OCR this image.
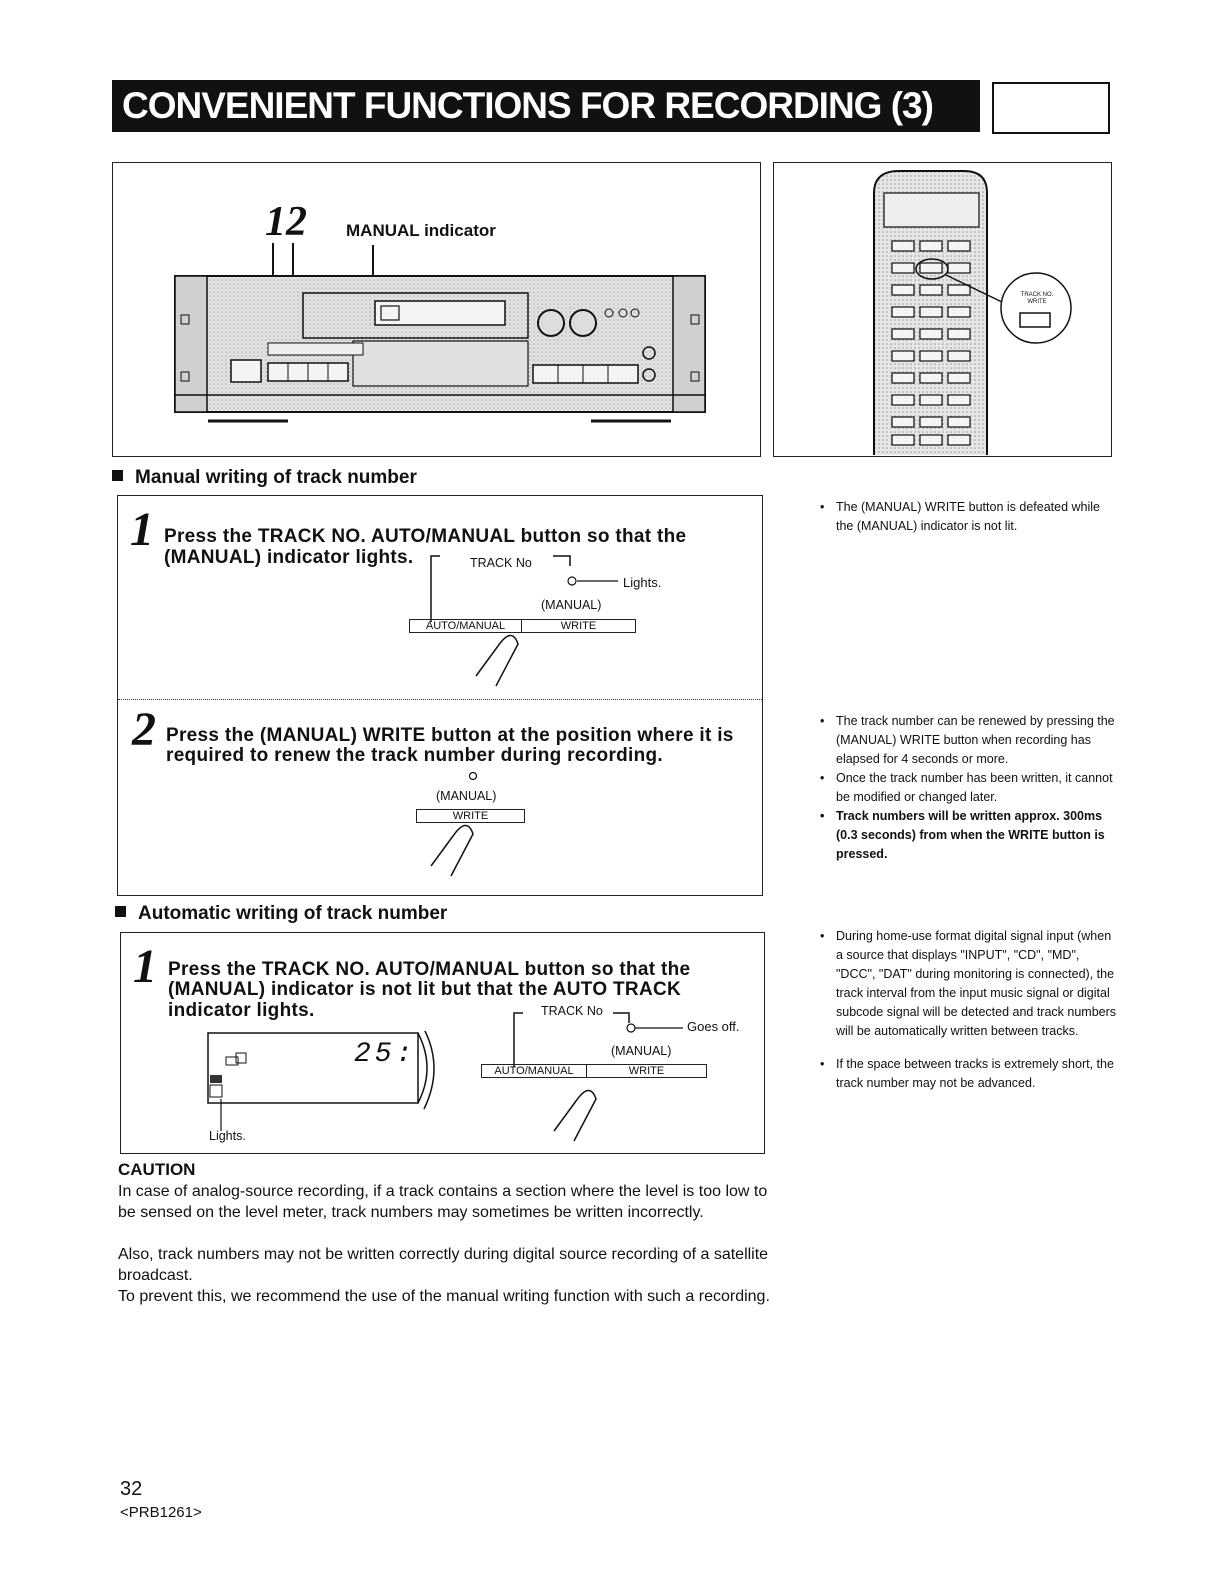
CONVENIENT FUNCTIONS FOR RECORDING (3)
12 MANUAL indicator
TRACK NO.
WRITE
Manual writing of track number
1 Press the TRACK NO. AUTO/MANUAL button so that the
(MANUAL) indicator lights.	TRACK No
Lights.
(MANUAL)
AUTO/MANUAL	WRITE
2 Press the (MANUAL) WRITE button at the position where it is
required to renew the track number during recording.
(MANUAL)
WRITE
Automatic writing of track number
1 Press the TRACK NO. AUTO/MANUAL button so that the
(MANUAL) indicator is not lit but that the AUTO TRACK
indicator lights.
25:
Lights.
TRACK No
Goes off.
(MANUAL)
AUTO/MANUAL	WRITE
CAUTION
In case of analog-source recording, if a track contains a section where the level is too low to be sensed on the level meter, track numbers may sometimes be written incorrectly.
Also, track numbers may not be written correctly during digital source recording of a satellite broadcast.
To prevent this, we recommend the use of the manual writing function with such a recording.
• The (MANUAL) WRITE button is defeated while the (MANUAL) indicator is not lit.
• The track number can be renewed by pressing the (MANUAL) WRITE button when recording has elapsed for 4 seconds or more.
• Once the track number has been written, it cannot be modified or changed later.
• Track numbers will be written approx. 300ms (0.3 seconds) from when the WRITE button is pressed.
• During home-use format digital signal input (when a source that displays "INPUT", "CD", "MD", "DCC", "DAT" during monitoring is connected), the track interval from the input music signal or digital subcode signal will be detected and track numbers will be automatically written between tracks.
• If the space between tracks is extremely short, the track number may not be advanced.
32
<PRB1261>
